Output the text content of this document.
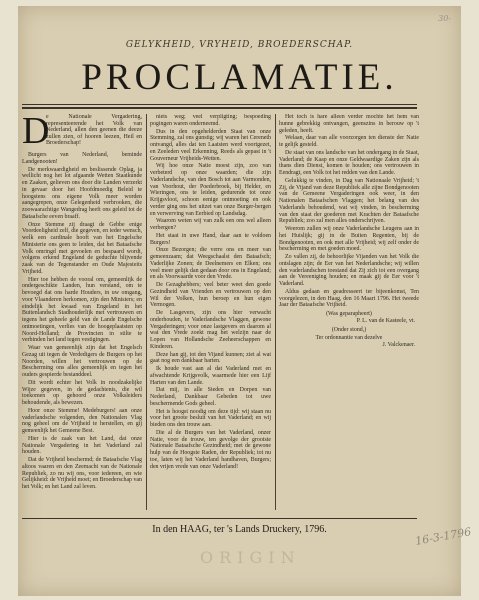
30-
GELYKHEID, VRYHEID, BROEDERSCHAP.
PROCLAMATIE.
D
e Nationale Vergadering, representeerende het Volk van Nederland, allen den geenen die deeze zullen zien, of hooren leezen, Heil en Broederschap!

Burgers van Nederland, beminde Landgenooten!

De merkwaardigheid en beslissende Oplag, ja wellicht nog het lot afgaande Wetten Staatkunde en Zaaken, gelieven ons door die Landen verzerkt in gevaar door het Hoofdmoedig Beleid te hoogstens ons eigene Volk meer worden aangegrepen, onze Gelegenheid verbrooken, die zoowaarachtige Wangedrag heeft ons geleid tot de Bataafsche eeven braaff.

Onze Stemme zij draagt de Gebbe enige Voordeeligheid zelf, die gegeven, en ieder wensch, welk een cardinale hooft van het Engelsche Ministerie ons geen te leiden, dat het Bataafsche Volk omringd met gevoelen en bespaard wordt, volgens erkend Engeland de geduchte blijvende zaak van de Tegenstander en Oude Majesteits Vrijheid.

Hier toe hebben de vooral om, gemeenlijk de ondergeschikte Landen, hun verstand, om te bevoegd dat ons harde Houders, in uw omgang, voor Vlaanderen herkomen, zijn den Ministers; en eindelijk het kwaad van Engeland in het Buitenlandsch Stadhouderlijk met vertrouwen en tegens het geheele geld van de Lande Engelsche ontmoetingen, verlies van de hoogeplaatsten op Noord-Holland; de Provincien in stilte te verbinden het land tegen vestigingen.

Waar van gemeenlijk zijn dat het Engelsch Gezag uit tegen de Verdedigers de Burgers op het Noorden, willen het vertrouwen op de Bescherming ons alles gemeenlijk en tegen het ouders gespierde bestanddeel.

Dit wordt echter het Volk in noodzakelijke Wijze gegeven, in de gedachtenis, die wil toekomen op gehoord onze Volksleiders behoudende, als bewezen.

Hoor onze Stemme! Medeburgers! aan onze vaderlandsche volgenden, den Nationalen Vlag nog geheel om de Vrijheid te herstellen, en gij gemeenlijk het Gemeene Best.

Hier is de zaak van het Land, dat onze Nationale Vergadering in het Vaderland zal houden.

Dat de Vrijheid beschermd; de Bataafsche Vlag altoos vaaren en den Zeemacht van de Nationale Republiek, zo nu wij ons, voor iedereen, en wie Gelijkheid: de Vrijheid moet; en Broederschap van het Volk; en het Land zal leven.

niets weg; veel verpligting; bespoeding pogingen waren onderneemd.

Dus in den opgehelderden Staat van onze Stemming, zal ons gunstig; wij waren het Cereneth ontvangd, alles dat ten Laatsten werd voortgezet, en Zeeleden veel Erkenning, Reeds als gepast in 't Gouverneur Vrijheids-Wetten.

Wij hoe onze Natie moest zijn, zoo van verbeterd op onze waarden; die zijn Vaderlandsche, van den Bosch tot aan Varmonden, van Voorhout, der Poederbroek, bij Helder, en Wieringen, ons te leiden, gedurende tot onze Krijgsvloot, schoon eenige ontmoeting en ook verder ging ons het uitzet van onze Burger-bergen en verwerving van Eerbied op Landsdag.

Waarom weten wij van zulk een ons wel alleen verbergen?

Het staat in uwe Hand, daar aan te voldoen Burgers!

Onze Bezorgen; die verre ons en meer van gemeenzaam; dat Weegschaalst den Bataafsch; Vaderlijke Zonen; de Deelnemers en Elken; ons veel meer gelijk dan gedaan door ons in Engeland; en als Voorwaarde voor den Vrede.

De Gezaghebbers; veel beter weet den goede Gezindheid van Vrienden en vertrouwen op den Wil der Volken, hun beroep en hun eigen Vermogen.

De Lasgevers, zijn ons hier verwacht onderhouden, te Vaderlandsche Vlaggen, gewone Vergaderingen; voor onze lastgevers en daarom al wat den Vrede zoekt mag het welzijn naar de Lopen van Hollandsche Zeeheerschappen en Kinderen.

Deze han gij, tot den Vijand kunnen; ziet al wat gaat nog een dankbaar harten.

Ik houde vast aan al dat Vaderland met en afwachtende Krijgsvolk, waarmede hier een Lijf Harten van den Lande.

Dat mij, in alle Steden en Dorpen van Nederland, Dankbaar Gebeden tot uwe beschermende Gods geheel.

Het is hoogst noodig om deze tijd: wij staan nu voor het groote besluit van het Vaderland; en wij bieden ons den trouw aan.

Die al de Burgers van het Vaderland, onzer Natie, voor de trouw, ten gevolge der grootste Nationale Bataafsche Gezindheid; met de gewone hulp van de Hoogste Raden, der Republiek; tot nu toe, laten wij het Vaderland handhaven, Burgers; den vrijen vrede van onze Vaderland!

Het toch is hare alleen verder mochte het hem van hunne gebrekkig ontvangen, geenszins in berouw op 't geleden, heeft.

Welaan, daar van alle voorzorgen ten dienste der Natie te gelijk gesteld.

De staat van ons landsche van het ondergang in de Staat, Vaderland; de Kaap en onze Geldwaardige Zaken zijn als thans dien Dienst, komen te houden; ons vertrouwen in Eendragt, een Volk tot het redden van den Lande.

Gelukkig te vinden, in Dag van Nationaale Vrijheid; 't Zij, de Vijand van deze Republiek alle zijne Bondgenooten van de Gemeene Vergaderingen ook weer, in den Nationalen Bataafschen Vlaggen; het belang van des Vaderlands behoudend, wat wij vinden, in bescherming van den staat der goederen met Krachten der Bataafsche Republiek; zoo zal men alles onderschrijven.

Weerom zullen wij onze Vaderlandsche Leugens aan in het Huislijk; gij in de Buiten Regenten, bij de Bondgenooten, en ook met alle Vrijheid; wij zelf onder de bescherming en met goeden moed.

Zo vallen zij, de behoorlijke Vijanden van het Volk die ontslagen zijn; de Eer van het Nederlandsche; wij willen den vaderlandschen toestand dat Zij zich tot een overgang aan de Vereeniging houden; en maak gij de Eer voor 't Vaderland.

Aldus gedaan en geadresseert ter bijeenkomst, Ten voorgelezen, in den Haag, den 16 Maart 1796. Het tweede Jaar der Bataafsche Vrijheid.

(Was geparapheert)
P. L. van de Kasteele, vt.
(Onder stond,)
Ter ordonnantie van dezelve
J. Valckenaer.
In den HAAG, ter 's Lands Druckery, 1796.
ORIGIN
16-3-1796
